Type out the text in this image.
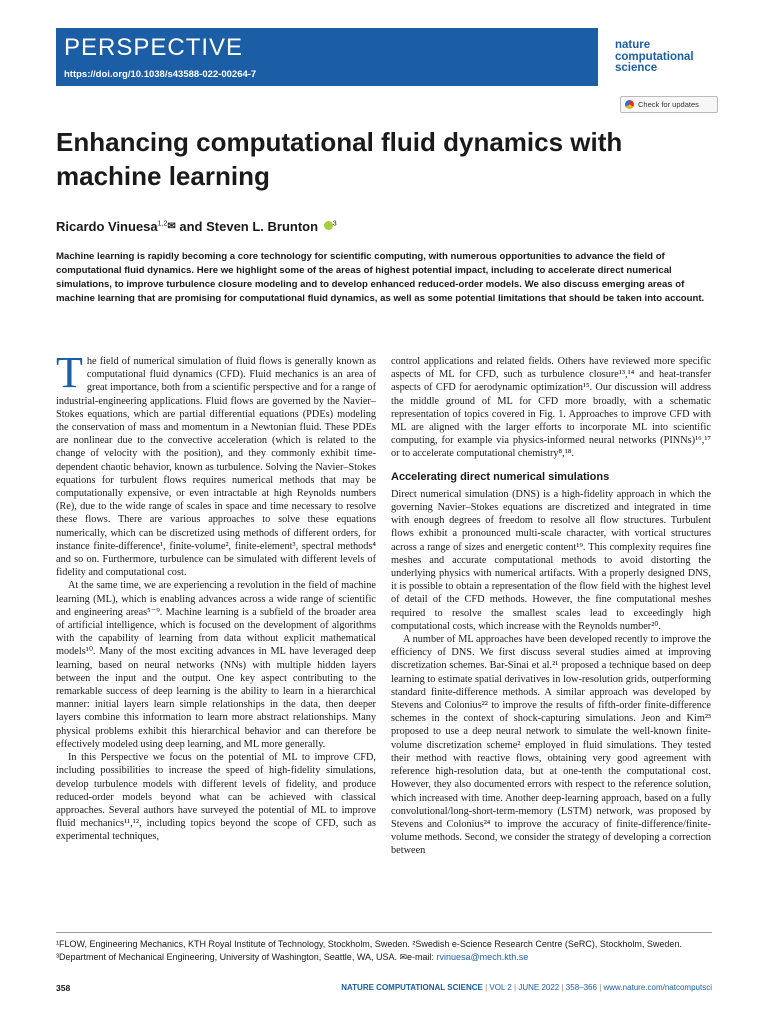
PERSPECTIVE
https://doi.org/10.1038/s43588-022-00264-7
nature
computational
science
Check for updates
Enhancing computational fluid dynamics with machine learning
Ricardo Vinuesa$^{1,2}$✉ and Steven L. Brunton $^3$
Machine learning is rapidly becoming a core technology for scientific computing, with numerous opportunities to advance the field of computational fluid dynamics. Here we highlight some of the areas of highest potential impact, including to accelerate direct numerical simulations, to improve turbulence closure modeling and to develop enhanced reduced-order models. We also discuss emerging areas of machine learning that are promising for computational fluid dynamics, as well as some potential limitations that should be taken into account.

The field of numerical simulation of fluid flows is generally known as computational fluid dynamics (CFD). Fluid mechanics is an area of great importance, both from a scientific perspective and for a range of industrial-engineering applications. Fluid flows are governed by the Navier–Stokes equations, which are partial differential equations (PDEs) modeling the conservation of mass and momentum in a Newtonian fluid. These PDEs are nonlinear due to the convective acceleration (which is related to the change of velocity with the position), and they commonly exhibit time-dependent chaotic behavior, known as turbulence. Solving the Navier–Stokes equations for turbulent flows requires numerical methods that may be computationally expensive, or even intractable at high Reynolds numbers (Re), due to the wide range of scales in space and time necessary to resolve these flows. There are various approaches to solve these equations numerically, which can be discretized using methods of different orders, for instance finite-difference¹, finite-volume², finite-element³, spectral methods⁴ and so on. Furthermore, turbulence can be simulated with different levels of fidelity and computational cost.

At the same time, we are experiencing a revolution in the field of machine learning (ML), which is enabling advances across a wide range of scientific and engineering areas⁵⁻⁹. Machine learning is a subfield of the broader area of artificial intelligence, which is focused on the development of algorithms with the capability of learning from data without explicit mathematical models¹⁰. Many of the most exciting advances in ML have leveraged deep learning, based on neural networks (NNs) with multiple hidden layers between the input and the output. One key aspect contributing to the remarkable success of deep learning is the ability to learn in a hierarchical manner: initial layers learn simple relationships in the data, then deeper layers combine this information to learn more abstract relationships. Many physical problems exhibit this hierarchical behavior and can therefore be effectively modeled using deep learning, and ML more generally.

In this Perspective we focus on the potential of ML to improve CFD, including possibilities to increase the speed of high-fidelity simulations, develop turbulence models with different levels of fidelity, and produce reduced-order models beyond what can be achieved with classical approaches. Several authors have surveyed the potential of ML to improve fluid mechanics¹¹,¹², including topics beyond the scope of CFD, such as experimental techniques,

control applications and related fields. Others have reviewed more specific aspects of ML for CFD, such as turbulence closure¹³,¹⁴ and heat-transfer aspects of CFD for aerodynamic optimization¹⁵. Our discussion will address the middle ground of ML for CFD more broadly, with a schematic representation of topics covered in Fig. 1. Approaches to improve CFD with ML are aligned with the larger efforts to incorporate ML into scientific computing, for example via physics-informed neural networks (PINNs)¹⁶,¹⁷ or to accelerate computational chemistry⁸,¹⁸.

Accelerating direct numerical simulations

Direct numerical simulation (DNS) is a high-fidelity approach in which the governing Navier–Stokes equations are discretized and integrated in time with enough degrees of freedom to resolve all flow structures. Turbulent flows exhibit a pronounced multi-scale character, with vortical structures across a range of sizes and energetic content¹⁹. This complexity requires fine meshes and accurate computational methods to avoid distorting the underlying physics with numerical artifacts. With a properly designed DNS, it is possible to obtain a representation of the flow field with the highest level of detail of the CFD methods. However, the fine computational meshes required to resolve the smallest scales lead to exceedingly high computational costs, which increase with the Reynolds number²⁰.

A number of ML approaches have been developed recently to improve the efficiency of DNS. We first discuss several studies aimed at improving discretization schemes. Bar-Sinai et al.²¹ proposed a technique based on deep learning to estimate spatial derivatives in low-resolution grids, outperforming standard finite-difference methods. A similar approach was developed by Stevens and Colonius²² to improve the results of fifth-order finite-difference schemes in the context of shock-capturing simulations. Jeon and Kim²³ proposed to use a deep neural network to simulate the well-known finite-volume discretization scheme² employed in fluid simulations. They tested their method with reactive flows, obtaining very good agreement with reference high-resolution data, but at one-tenth the computational cost. However, they also documented errors with respect to the reference solution, which increased with time. Another deep-learning approach, based on a fully convolutional/long-short-term-memory (LSTM) network, was proposed by Stevens and Colonius²⁴ to improve the accuracy of finite-difference/finite-volume methods. Second, we consider the strategy of developing a correction between

¹FLOW, Engineering Mechanics, KTH Royal Institute of Technology, Stockholm, Sweden. ²Swedish e-Science Research Centre (SeRC), Stockholm, Sweden.
³Department of Mechanical Engineering, University of Washington, Seattle, WA, USA. ✉e-mail: rvinuesa@mech.kth.se
358	NATURE COMPUTATIONAL SCIENCE | VOL 2 | JUNE 2022 | 358–366 | www.nature.com/natcomputsci
